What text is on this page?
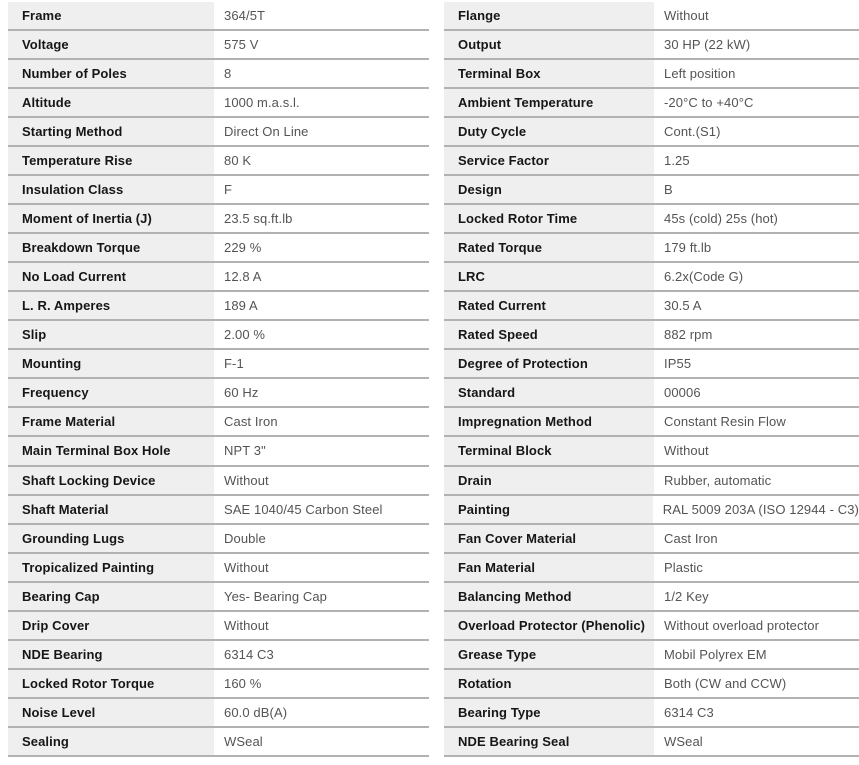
Frame	364/5T
Voltage	575 V
Number of Poles	8
Altitude	1000 m.a.s.l.
Starting Method	Direct On Line
Temperature Rise	80 K
Insulation Class	F
Moment of Inertia (J)	23.5 sq.ft.lb
Breakdown Torque	229 %
No Load Current	12.8 A
L. R. Amperes	189 A
Slip	2.00 %
Mounting	F-1
Frequency	60 Hz
Frame Material	Cast Iron
Main Terminal Box Hole	NPT 3"
Shaft Locking Device	Without
Shaft Material	SAE 1040/45 Carbon Steel
Grounding Lugs	Double
Tropicalized Painting	Without
Bearing Cap	Yes- Bearing Cap
Drip Cover	Without
NDE Bearing	6314 C3
Locked Rotor Torque	160 %
Noise Level	60.0 dB(A)
Sealing	WSeal
Flange	Without
Output	30 HP (22 kW)
Terminal Box	Left position
Ambient Temperature	-20°C to +40°C
Duty Cycle	Cont.(S1)
Service Factor	1.25
Design	B
Locked Rotor Time	45s (cold) 25s (hot)
Rated Torque	179 ft.lb
LRC	6.2x(Code G)
Rated Current	30.5 A
Rated Speed	882 rpm
Degree of Protection	IP55
Standard	00006
Impregnation Method	Constant Resin Flow
Terminal Block	Without
Drain	Rubber, automatic
Painting	RAL 5009 203A (ISO 12944 - C3)
Fan Cover Material	Cast Iron
Fan Material	Plastic
Balancing Method	1/2 Key
Overload Protector (Phenolic)	Without overload protector
Grease Type	Mobil Polyrex EM
Rotation	Both (CW and CCW)
Bearing Type	6314 C3
NDE Bearing Seal	WSeal
